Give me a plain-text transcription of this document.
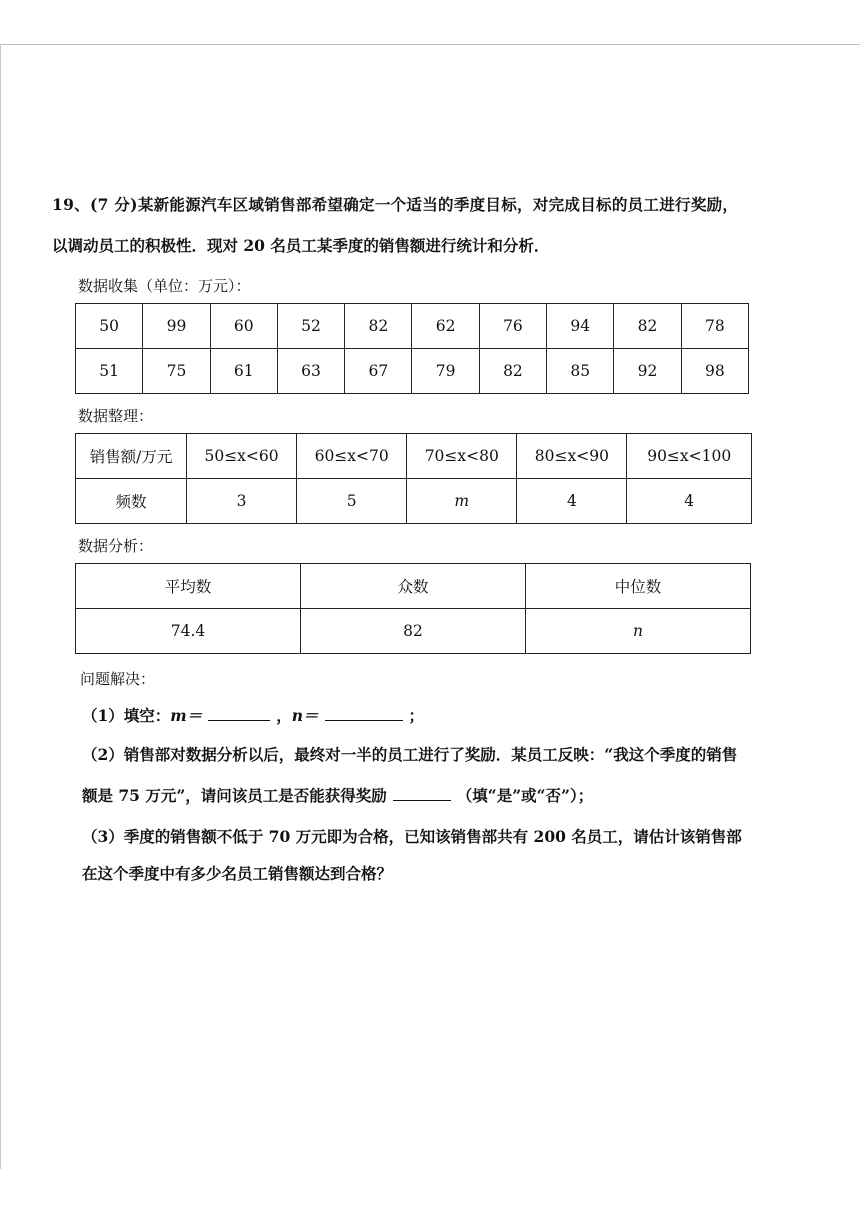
19、(7 分)某新能源汽车区域销售部希望确定一个适当的季度目标，对完成目标的员工进行奖励，
以调动员工的积极性．现对 20 名员工某季度的销售额进行统计和分析．
数据收集（单位：万元）：
50	99	60	52	82	62	76	94	82	78
51	75	61	63	67	79	82	85	92	98
数据整理：
销售额/万元	50≤x<60	60≤x<70	70≤x<80	80≤x<90	90≤x<100
频数	3	5	m	4	4
数据分析：
平均数	众数	中位数
74.4	82	n
问题解决：
（1）填空：m＝	，n＝	；
（2）销售部对数据分析以后，最终对一半的员工进行了奖励．某员工反映：“我这个季度的销售
额是 75 万元”，请问该员工是否能获得奖励	（填“是”或“否”）；
（3）季度的销售额不低于 70 万元即为合格，已知该销售部共有 200 名员工，请估计该销售部
在这个季度中有多少名员工销售额达到合格？
